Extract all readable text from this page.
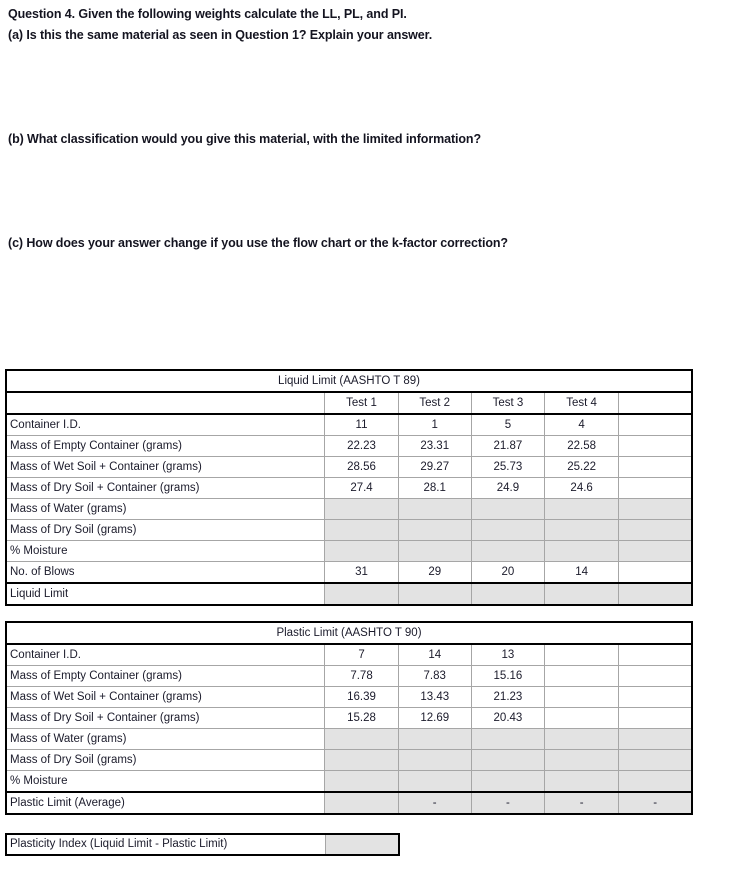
Question 4. Given the following weights calculate the LL, PL, and PI.
(a) Is this the same material as seen in Question 1? Explain your answer.
(b) What classification would you give this material, with the limited information?
(c) How does your answer change if you use the flow chart or the k-factor correction?
Liquid Limit (AASHTO T 89)					
	Test 1	Test 2	Test 3	Test 4	
Container I.D.	11	1	5	4	
Mass of Empty Container (grams)	22.23	23.31	21.87	22.58	
Mass of Wet Soil + Container (grams)	28.56	29.27	25.73	25.22	
Mass of Dry Soil + Container (grams)	27.4	28.1	24.9	24.6	
Mass of Water (grams)					
Mass of Dry Soil (grams)					
% Moisture					
No. of Blows	31	29	20	14	
Liquid Limit					
Plastic Limit (AASHTO T 90)					
Container I.D.	7	14	13		
Mass of Empty Container (grams)	7.78	7.83	15.16		
Mass of Wet Soil + Container (grams)	16.39	13.43	21.23		
Mass of Dry Soil + Container (grams)	15.28	12.69	20.43		
Mass of Water (grams)					
Mass of Dry Soil (grams)					
% Moisture					
Plastic Limit (Average)		-	-	-	-
Plasticity Index (Liquid Limit - Plastic Limit)	
